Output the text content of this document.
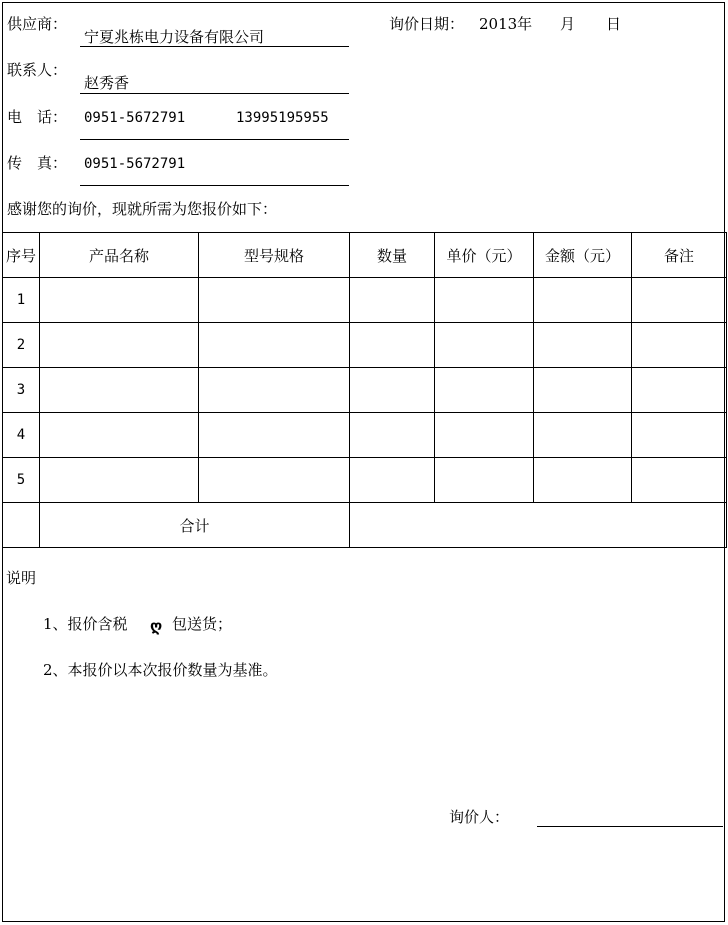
供应商：
宁夏兆栋电力设备有限公司
询价日期： 2013年 月 日
联系人：
赵秀香
电　话： 0951-5672791	13995195955
传　真： 0951-5672791
感谢您的询价，现就所需为您报价如下：
序号	产品名称	型号规格	数量	单价（元）	金额（元）	备注
1						
2						
3						
4						
5						
	合计					
说明
1、报价含税 ღ 包送货；
2、本报价以本次报价数量为基准。
询价人：
